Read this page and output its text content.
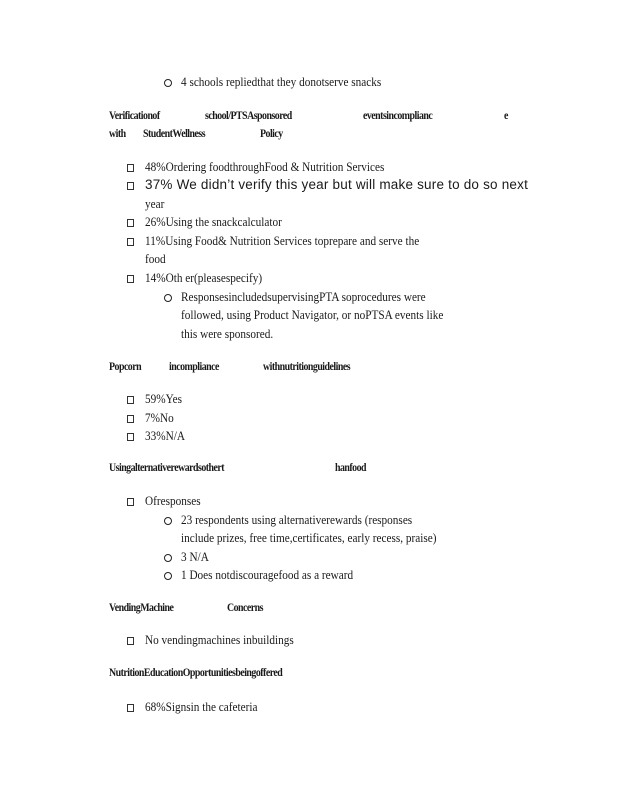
4 schools repliedthat they donotserve snacks
Verificationof	school/PTSAsponsored	eventsincomplianc	e
with StudentWellness	Policy
48%Ordering foodthroughFood & Nutrition Services
37% We didn’t verify this year but will make sure to do so next
year
26%Using the snackcalculator
11%Using Food& Nutrition Services toprepare and serve the
food
14%Oth er(pleasespecify)
ResponsesincludedsupervisingPTA soprocedures were
followed, using Product Navigator, or noPTSA events like
this were sponsored.
Popcorn incompliance	withnutritionguidelines
59%Yes
7%No
33%N/A
Usingalternativerewardsothert	hanfood
Ofresponses
23 respondents using alternativerewards (responses
include prizes, free time,certificates, early recess, praise)
3 N/A
1 Does notdiscouragefood as a reward
VendingMachine	Concerns
No vendingmachines inbuildings
NutritionEducationOpportunitiesbeingoffered
68%Signsin the cafeteria
